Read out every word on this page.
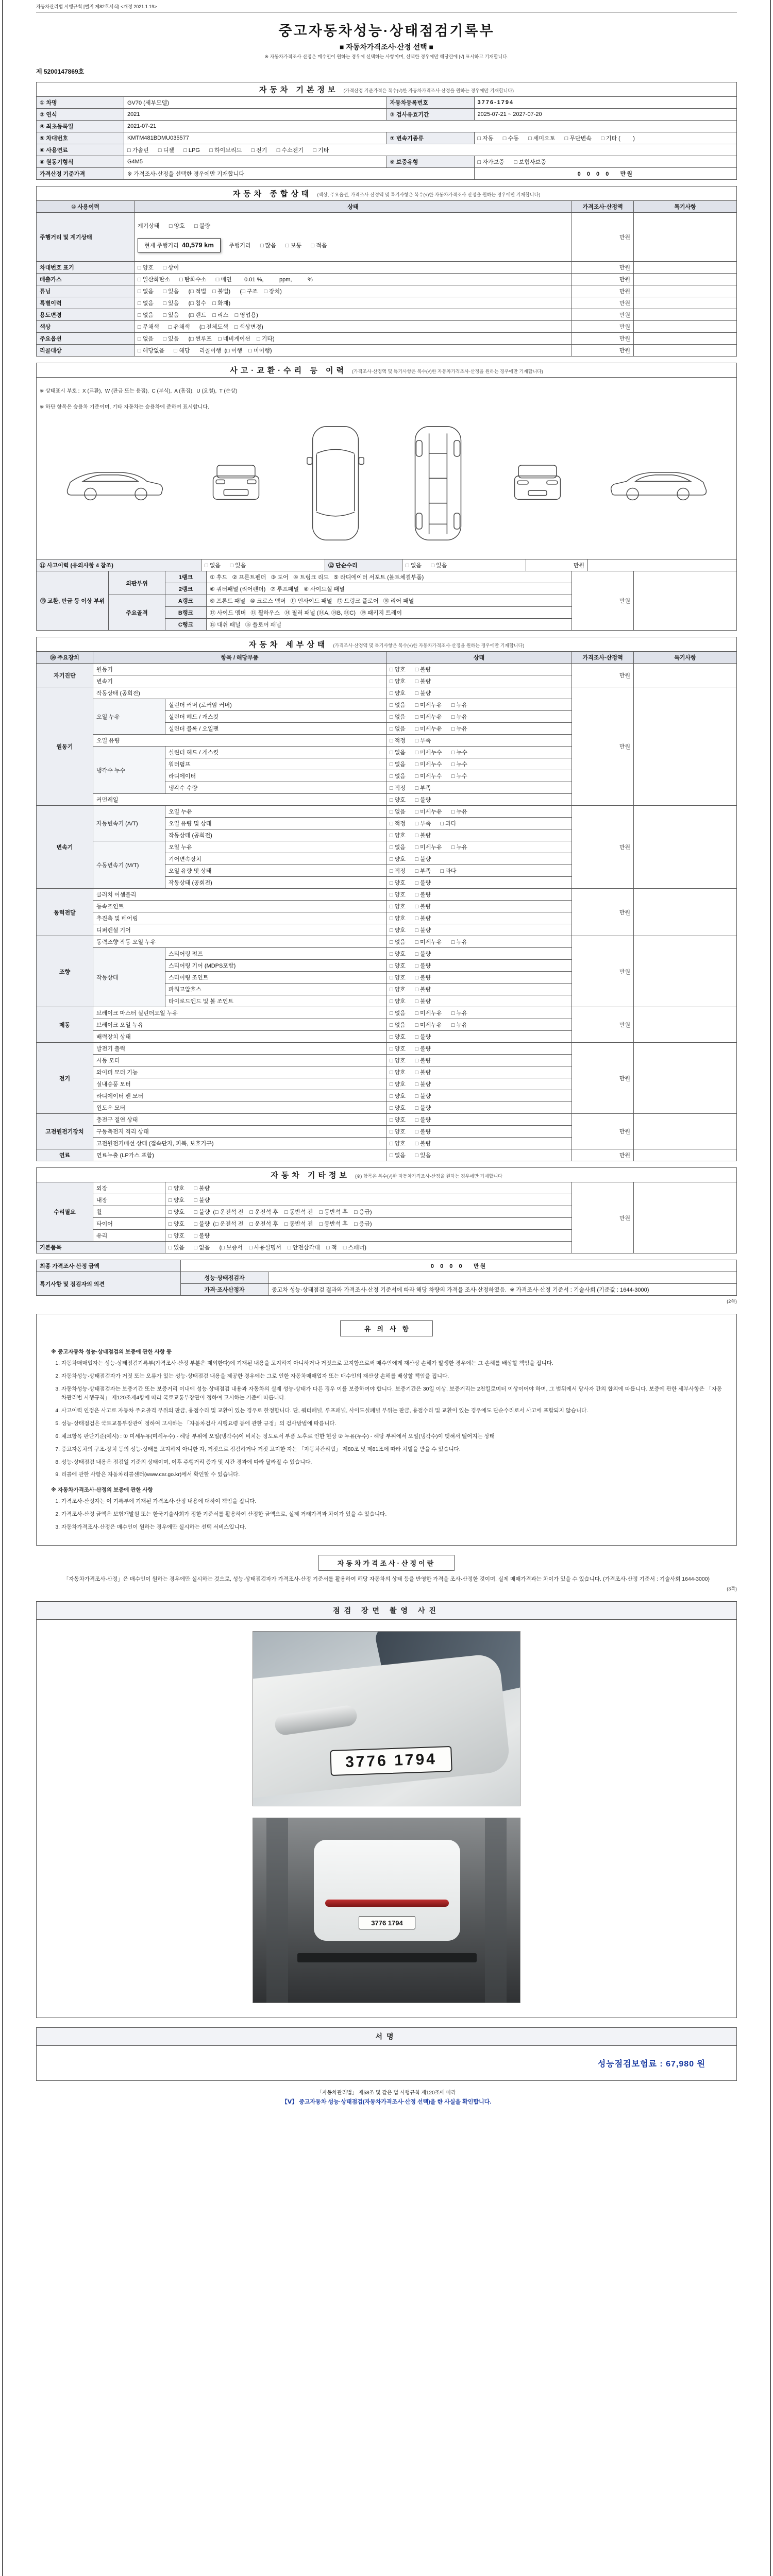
자동차관리법 시행규칙 [별지 제82호서식] <개정 2021.1.19>
중고자동차성능·상태점검기록부
■ 자동차가격조사·산정 선택 ■
※ 자동차가격조사·산정은 매수인이 원하는 경우에 선택하는 사항이며, 선택한 경우에만 해당란에 [√] 표시하고 기재합니다.
제 5200147869호
자동차 기본정보 (가격산정 기준가격은 복수(√)한 자동차가격조사·산정을 원하는 경우에만 기재합니다)			
① 차명	GV70 (세부모델)	자동차등록번호	3776-1794
② 연식	2021	③ 검사유효기간	2025-07-21 ~ 2027-07-20
④ 최초등록일	2021-07-21		
⑤ 차대번호	KMTM481BDMU035577	⑦ 변속기종류	□ 자동      □ 수동      □ 세미오토      □ 무단변속      □ 기타 (        )
⑥ 사용연료	□ 가솔린      □ 디젤      □ LPG      □ 하이브리드      □ 전기      □ 수소전기      □ 기타		
⑧ 원동기형식	G4M5	⑨ 보증유형	□ 자가보증      □ 보험사보증
가격산정 기준가격	※ 가격조사·산정을 선택한 경우에만 기재합니다		0  0  0  0    만원
자동차 종합상태 (색상, 주요옵션, 가격조사·산정액 및 특기사항은 복수(√)한 자동차가격조사·산정을 원하는 경우에만 기재합니다)			
⑩ 사용이력	상태	가격조사·산정액	특기사항
주행거리 및 계기상태	계기상태      □ 양호      □ 불량

현재 주행거리 40,579 km 주행거리      □ 많음      □ 보통      □ 적음	만원	
차대번호 표기	□ 양호      □ 상이	만원	
배출가스	□ 일산화탄소      □ 탄화수소      □ 매연        0.01 %,          ppm,          %	만원	
튜닝	□ 없음      □ 있음      (□ 적법    □ 불법)      (□ 구조    □ 장치)	만원	
특별이력	□ 없음      □ 있음      (□ 침수    □ 화재)	만원	
용도변경	□ 없음      □ 있음      (□ 렌트    □ 리스    □ 영업용)	만원	
색상	□ 무채색      □ 유채색      (□ 전체도색    □ 색상변경)	만원	
주요옵션	□ 없음      □ 있음      (□ 썬루프    □ 네비게이션    □ 기타)	만원	
리콜대상	□ 해당없음      □ 해당      리콜이행  (□ 이행    □ 미이행)	만원	
사고·교환·수리 등 이력 (가격조사·산정액 및 특기사항은 복수(√)한 자동차가격조사·산정을 원하는 경우에만 기재합니다)

※ 상태표시 부호 :  X (교환),  W (판금 또는 용접),  C (부식),  A (흠집),  U (요철),  T (손상)

※ 하단 항목은 승용차 기준이며, 기타 자동차는 승용차에 준하여 표시합니다.

⑪ 사고이력 (유의사항 4 참조)	□ 없음      □ 있음	⑫ 단순수리	□ 없음      □ 있음	만원	
⑬ 교환, 판금 등 이상 부위	외판부위	1랭크	① 후드   ② 프론트펜더   ③ 도어   ④ 트렁크 리드   ⑤ 라디에이터 서포트 (볼트체결부품)	만원	
		2랭크	⑥ 쿼터패널 (리어펜더)   ⑦ 루프패널   ⑧ 사이드실 패널		
	주요골격	A랭크	⑨ 프론트 패널   ⑩ 크로스 멤버   ⑪ 인사이드 패널   ⑰ 트렁크 플로어   ⑱ 리어 패널		
		B랭크	⑫ 사이드 멤버   ⑬ 휠하우스   ⑭ 필러 패널 (⑭A, ⑭B, ⑭C)   ⑲ 패키지 트레이		
		C랭크	⑮ 대쉬 패널   ⑯ 플로어 패널		
자동차 세부상태 (가격조사·산정액 및 특기사항은 복수(√)한 자동차가격조사·산정을 원하는 경우에만 기재합니다)					
⑭ 주요장치	항목 / 해당부품		상태	가격조사·산정액	특기사항
자기진단	원동기		□ 양호      □ 불량	만원	
	변속기		□ 양호      □ 불량		
원동기	작동상태 (공회전)		□ 양호      □ 불량	만원	
	오일 누유	실린더 커버 (로커암 커버)	□ 없음      □ 미세누유      □ 누유		
		실린더 헤드 / 개스킷	□ 없음      □ 미세누유      □ 누유		
		실린더 블록 / 오일팬	□ 없음      □ 미세누유      □ 누유		
	오일 유량		□ 적정      □ 부족		
	냉각수 누수	실린더 헤드 / 개스킷	□ 없음      □ 미세누수      □ 누수		
		워터펌프	□ 없음      □ 미세누수      □ 누수		
		라디에이터	□ 없음      □ 미세누수      □ 누수		
		냉각수 수량	□ 적정      □ 부족		
	커먼레일		□ 양호      □ 불량		
변속기	자동변속기 (A/T)	오일 누유	□ 없음      □ 미세누유      □ 누유	만원	
		오일 유량 및 상태	□ 적정      □ 부족      □ 과다		
		작동상태 (공회전)	□ 양호      □ 불량		
	수동변속기 (M/T)	오일 누유	□ 없음      □ 미세누유      □ 누유		
		기어변속장치	□ 양호      □ 불량		
		오일 유량 및 상태	□ 적정      □ 부족      □ 과다		
		작동상태 (공회전)	□ 양호      □ 불량		
동력전달	클러치 어셈블리		□ 양호      □ 불량	만원	
	등속조인트		□ 양호      □ 불량		
	추진축 및 베어링		□ 양호      □ 불량		
	디퍼렌셜 기어		□ 양호      □ 불량		
조향	동력조향 작동 오일 누유		□ 없음      □ 미세누유      □ 누유	만원	
	작동상태	스티어링 펌프	□ 양호      □ 불량		
		스티어링 기어 (MDPS포함)	□ 양호      □ 불량		
		스티어링 조인트	□ 양호      □ 불량		
		파워고압호스	□ 양호      □ 불량		
		타이로드엔드 및 볼 조인트	□ 양호      □ 불량		
제동	브레이크 마스터 실린더오일 누유		□ 없음      □ 미세누유      □ 누유	만원	
	브레이크 오일 누유		□ 없음      □ 미세누유      □ 누유		
	배력장치 상태		□ 양호      □ 불량		
전기	발전기 출력		□ 양호      □ 불량	만원	
	시동 모터		□ 양호      □ 불량		
	와이퍼 모터 기능		□ 양호      □ 불량		
	실내송풍 모터		□ 양호      □ 불량		
	라디에이터 팬 모터		□ 양호      □ 불량		
	윈도우 모터		□ 양호      □ 불량		
고전원전기장치	충전구 절연 상태		□ 양호      □ 불량	만원	
	구동축전지 격리 상태		□ 양호      □ 불량		
	고전원전기배선 상태 (접속단자, 피복, 보호기구)		□ 양호      □ 불량		
연료	연료누출 (LP가스 포함)		□ 없음      □ 있음	만원	
자동차 기타정보 (※) 항목은 복수(√)한 자동차가격조사·산정을 원하는 경우에만 기재합니다				
수리필요	외장	□ 양호      □ 불량	만원	
	내장	□ 양호      □ 불량		
	휠	□ 양호      □ 불량 (□ 운전석 전    □ 운전석 후    □ 동반석 전    □ 동반석 후    □ 응급)		
	타이어	□ 양호      □ 불량 (□ 운전석 전    □ 운전석 후    □ 동반석 전    □ 동반석 후    □ 응급)		
	유리	□ 양호      □ 불량		
기본품목		□ 있음      □ 없음      (□ 보증서    □ 사용설명서    □ 안전삼각대    □ 잭    □ 스패너)		
최종 가격조사·산정 금액	0  0  0  0    만원	
특기사항 및 점검자의 의견	성능·상태점검자	
	가격·조사산정자	중고차 성능·상태점검 결과와 가격조사·산정 기준서에 따라 해당 차량의 가격을 조사·산정하였음.  ※ 가격조사·산정 기준서 : 기술사회 (기준값 : 1644-3000)
(2쪽)
유의사항

※ 중고자동차 성능·상태점검의 보증에 관한 사항 등

1. 자동차매매업자는 성능·상태점검기록부(가격조사·산정 부분은 제외한다)에 기재된 내용을 고지하지 아니하거나 거짓으로 고지함으로써 매수인에게 재산상 손해가 발생한 경우에는 그 손해를 배상할 책임을 집니다.
2. 자동차성능·상태점검자가 거짓 또는 오류가 있는 성능·상태점검 내용을 제공한 경우에는 그로 인한 자동차매매업자 또는 매수인의 재산상 손해를 배상할 책임을 집니다.
3. 자동차성능·상태점검자는 보증기간 또는 보증거리 이내에 성능·상태점검 내용과 자동차의 실제 성능·상태가 다른 경우 이를 보증하여야 합니다. 보증기간은 30일 이상, 보증거리는 2천킬로미터 이상이어야 하며, 그 범위에서 당사자 간의 합의에 따릅니다. 보증에 관한 세부사항은 「자동차관리법 시행규칙」 제120조제4항에 따라 국토교통부장관이 정하여 고시하는 기준에 따릅니다.
4. 사고이력 인정은 사고로 자동차 주요골격 부위의 판금, 용접수리 및 교환이 있는 경우로 한정합니다. 단, 쿼터패널, 루프패널, 사이드실패널 부위는 판금, 용접수리 및 교환이 있는 경우에도 단순수리로서 사고에 포함되지 않습니다.
5. 성능·상태점검은 국토교통부장관이 정하여 고시하는 「자동차검사 시행요령 등에 관한 규정」의 검사방법에 따릅니다.
6. 체크항목 판단기준(예시) : ① 미세누유(미세누수) - 해당 부위에 오일(냉각수)이 비치는 정도로서 부품 노후로 인한 현상 ② 누유(누수) - 해당 부위에서 오일(냉각수)이 맺혀서 떨어지는 상태
7. 중고자동차의 구조·장치 등의 성능·상태를 고지하지 아니한 자, 거짓으로 점검하거나 거짓 고지한 자는 「자동차관리법」 제80조 및 제81조에 따라 처벌을 받을 수 있습니다.
8. 성능·상태점검 내용은 점검일 기준의 상태이며, 이후 주행거리 증가 및 시간 경과에 따라 달라질 수 있습니다.
9. 리콜에 관한 사항은 자동차리콜센터(www.car.go.kr)에서 확인할 수 있습니다.

※ 자동차가격조사·산정의 보증에 관한 사항

1. 가격조사·산정자는 이 기록부에 기재된 가격조사·산정 내용에 대하여 책임을 집니다.
2. 가격조사·산정 금액은 보험개발원 또는 한국기술사회가 정한 기준서를 활용하여 산정한 금액으로, 실제 거래가격과 차이가 있을 수 있습니다.
3. 자동차가격조사·산정은 매수인이 원하는 경우에만 실시하는 선택 서비스입니다.
자동차가격조사·산정이란

「자동차가격조사·산정」은 매수인이 원하는 경우에만 실시하는 것으로, 성능·상태점검자가 가격조사·산정 기준서를 활용하여 해당 자동차의 상태 등을 반영한 가격을 조사·산정한 것이며, 실제 매매가격과는 차이가 있을 수 있습니다. (가격조사·산정 기준서 : 기술사회 1644-3000)

(3쪽)
점검 장면 촬영 사진
3776 1794
3776 1794
서명
성능점검보험료 : 67,980 원
「자동차관리법」 제58조 및 같은 법 시행규칙 제120조에 따라
【Ⅴ】 중고자동차 성능·상태점검(자동차가격조사·산정 선택)을 한 사실을 확인합니다.
